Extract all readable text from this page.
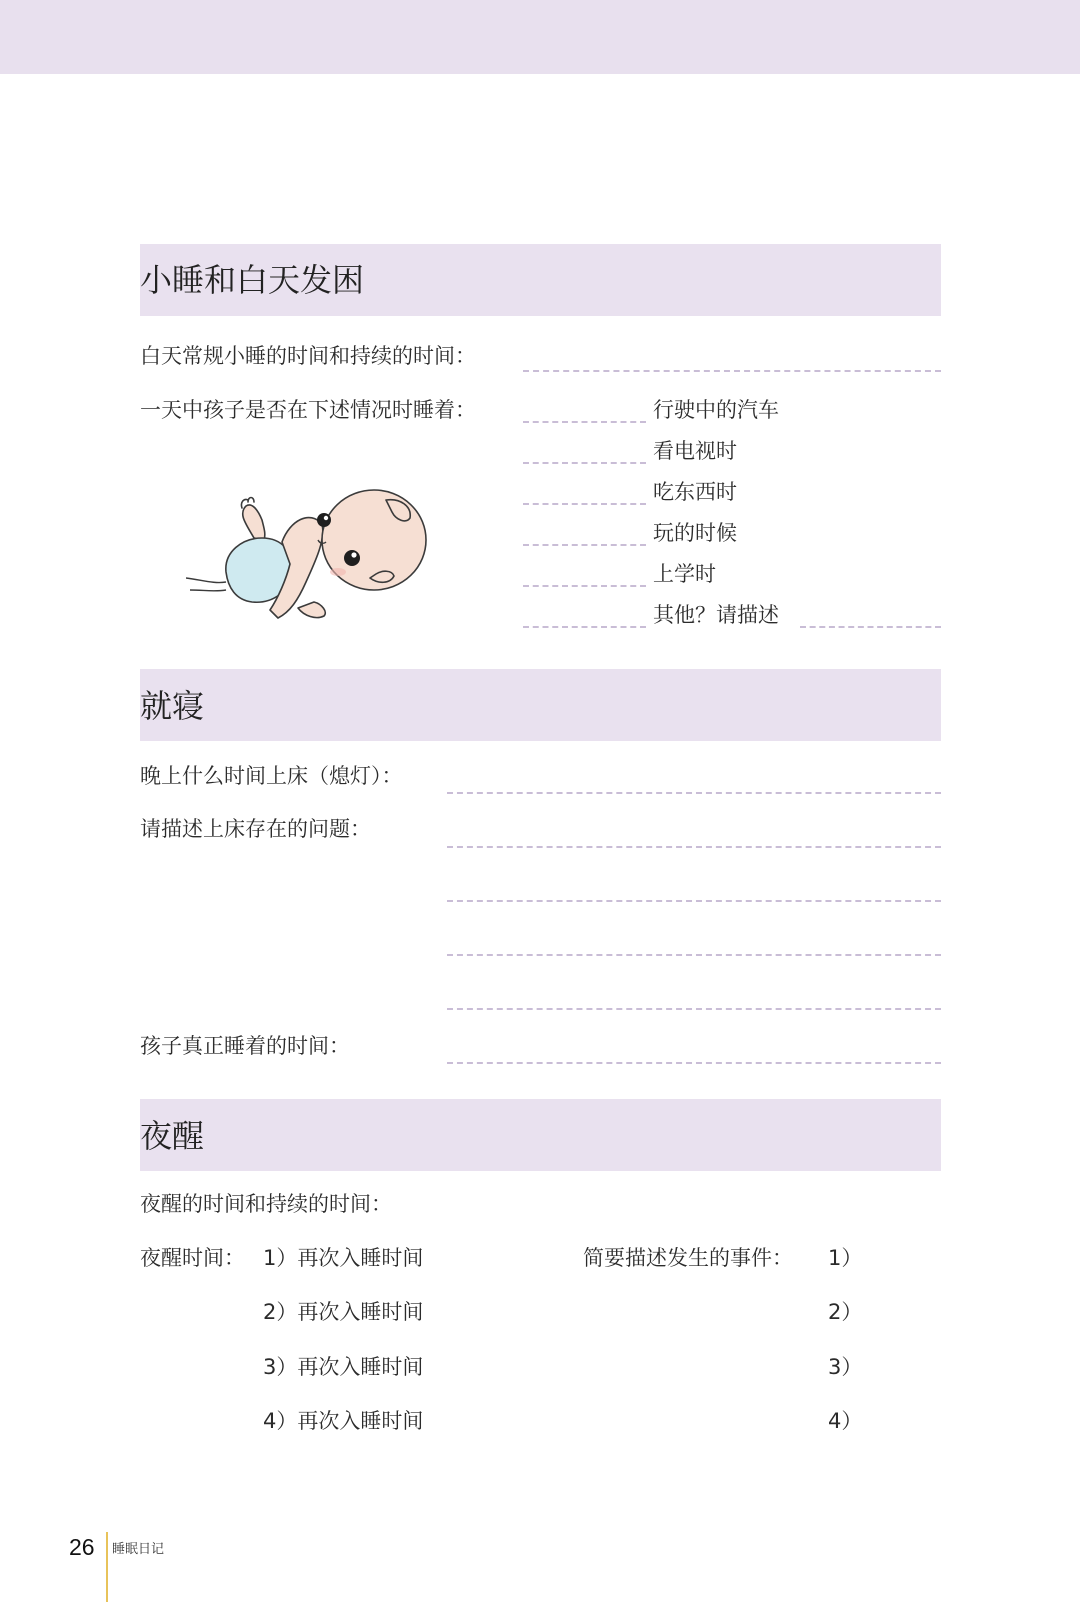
小睡和白天发困
白天常规小睡的时间和持续的时间：
一天中孩子是否在下述情况时睡着：	行驶中的汽车
看电视时
吃东西时
玩的时候
上学时
其他？请描述
就寝
晚上什么时间上床（熄灯）：
请描述上床存在的问题：
孩子真正睡着的时间：
夜醒
夜醒的时间和持续的时间：
夜醒时间： 1）再次入睡时间
2）再次入睡时间
3）再次入睡时间
4）再次入睡时间
简要描述发生的事件： 1）
2）
3）
4）
26 睡眠日记
